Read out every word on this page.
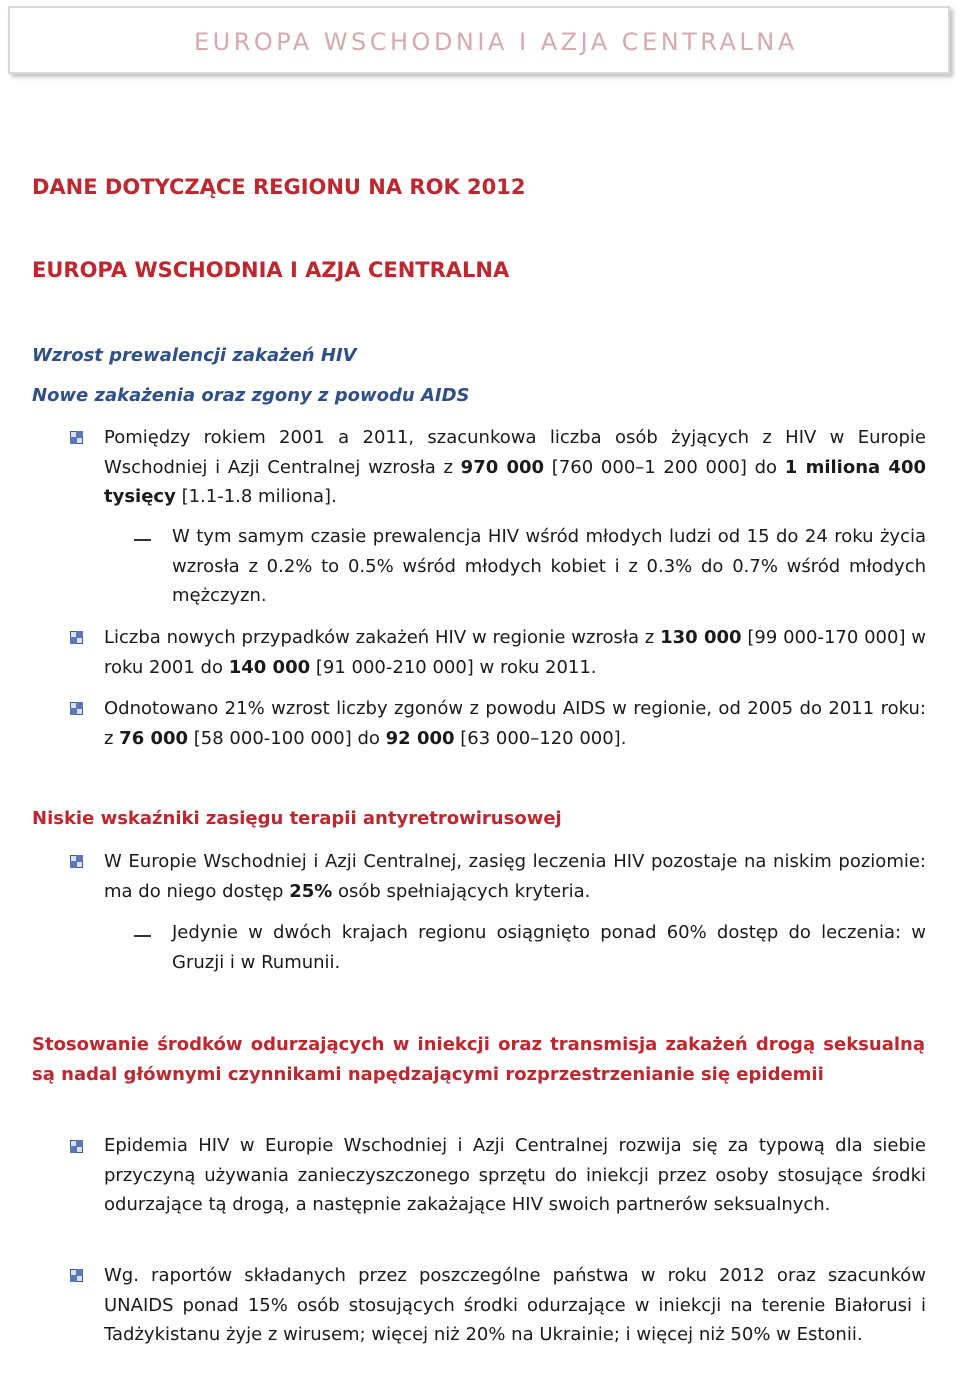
EUROPA WSCHODNIA I AZJA CENTRALNA
DANE DOTYCZĄCE REGIONU NA ROK 2012
EUROPA WSCHODNIA I AZJA CENTRALNA
Wzrost prewalencji zakażeń HIV
Nowe zakażenia oraz zgony z powodu AIDS
Pomiędzy rokiem 2001 a 2011, szacunkowa liczba osób żyjących z HIV w Europie Wschodniej i Azji Centralnej wzrosła z 970 000 [760 000–1 200 000] do 1 miliona 400 tysięcy [1.1-1.8 miliona].
W tym samym czasie prewalencja HIV wśród młodych ludzi od 15 do 24 roku życia wzrosła z 0.2% to 0.5% wśród młodych kobiet i z 0.3% do 0.7% wśród młodych mężczyzn.
Liczba nowych przypadków zakażeń HIV w regionie wzrosła z 130 000 [99 000-170 000] w roku 2001 do 140 000 [91 000-210 000] w roku 2011.
Odnotowano 21% wzrost liczby zgonów z powodu AIDS w regionie, od 2005 do 2011 roku: z 76 000 [58 000-100 000] do 92 000 [63 000–120 000].
Niskie wskaźniki zasięgu terapii antyretrowirusowej
W Europie Wschodniej i Azji Centralnej, zasięg leczenia HIV pozostaje na niskim poziomie: ma do niego dostęp 25% osób spełniających kryteria.
Jedynie w dwóch krajach regionu osiągnięto ponad 60% dostęp do leczenia: w Gruzji i w Rumunii.
Stosowanie środków odurzających w iniekcji oraz transmisja zakażeń drogą seksualną są nadal głównymi czynnikami napędzającymi rozprzestrzenianie się epidemii
Epidemia HIV w Europie Wschodniej i Azji Centralnej rozwija się za typową dla siebie przyczyną używania zanieczyszczonego sprzętu do iniekcji przez osoby stosujące środki odurzające tą drogą, a następnie zakażające HIV swoich partnerów seksualnych.
Wg. raportów składanych przez poszczególne państwa w roku 2012 oraz szacunków UNAIDS ponad 15% osób stosujących środki odurzające w iniekcji na terenie Białorusi i Tadżykistanu żyje z wirusem; więcej niż 20% na Ukrainie; i więcej niż 50% w Estonii.
